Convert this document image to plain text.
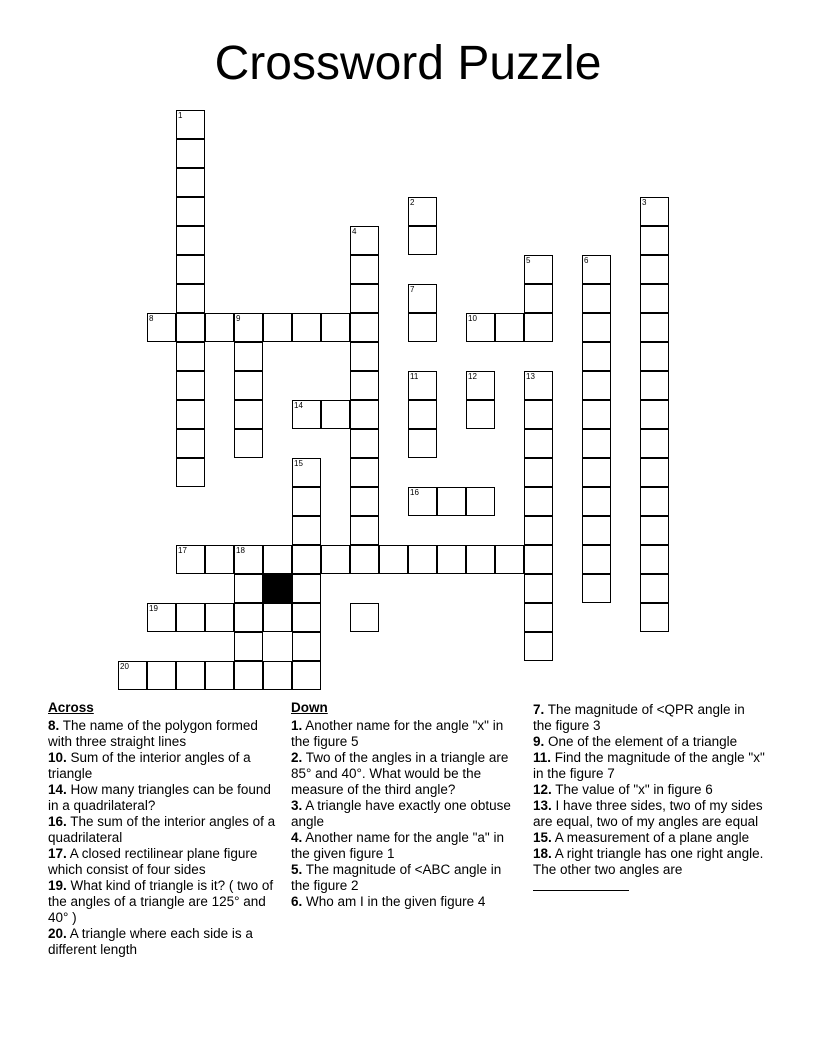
Crossword Puzzle
1
2	3
4
5	6
7
8	9	10
11	12	13
14
15
16
17	18
19
20
Across

8. The name of the polygon formed with three straight lines

10. Sum of the interior angles of a triangle

14. How many triangles can be found in a quadrilateral?

16. The sum of the interior angles of a quadrilateral

17. A closed rectilinear plane figure which consist of four sides

19. What kind of triangle is it? ( two of the angles of a triangle are 125° and 40° )

20. A triangle where each side is a different length

Down

1. Another name for the angle "x" in the figure 5

2. Two of the angles in a triangle are 85° and 40°. What would be the measure of the third angle?

3. A triangle have exactly one obtuse angle

4. Another name for the angle "a" in the given figure 1

5. The magnitude of <ABC angle in the figure 2

6. Who am I in the given figure 4

7. The magnitude of <QPR angle in the figure 3

9. One of the element of a triangle

11. Find the magnitude of the angle "x" in the figure 7

12. The value of "x" in figure 6

13. I have three sides, two of my sides are equal, two of my angles are equal

15. A measurement of a plane angle

18. A right triangle has one right angle. The other two angles are
